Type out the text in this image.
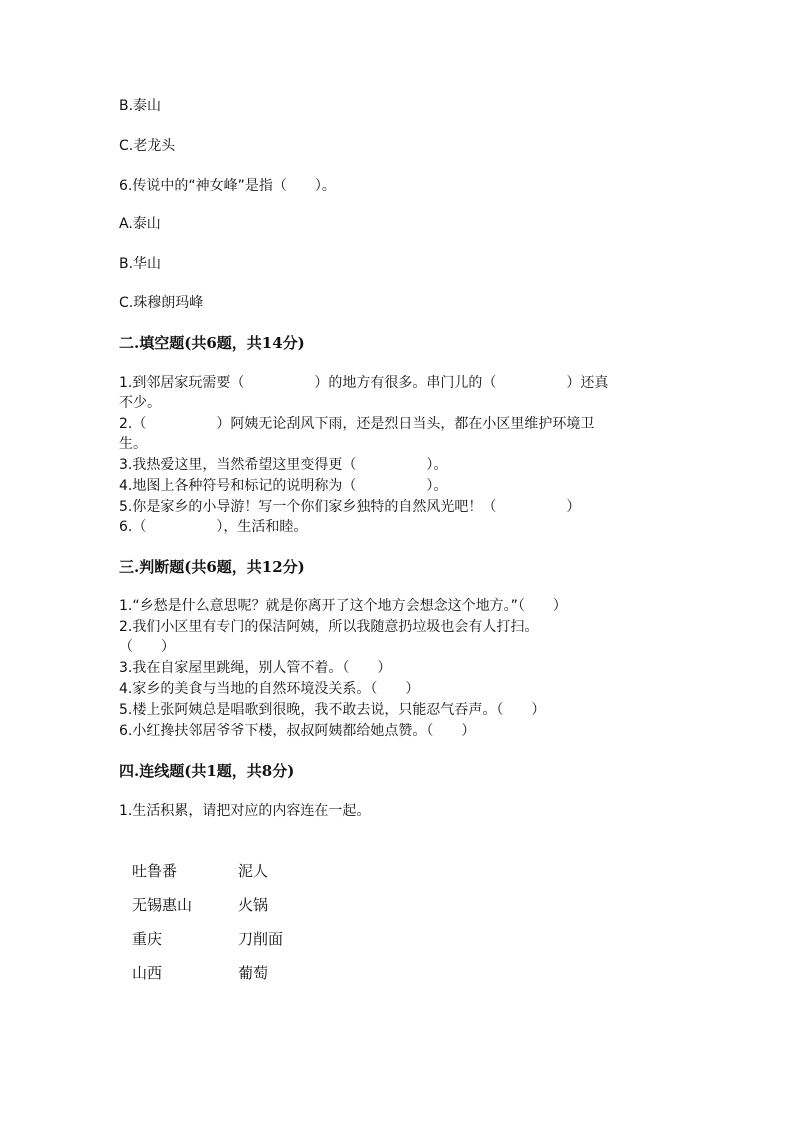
B.泰山
C.老龙头
6.传说中的“神女峰”是指（　　）。
A.泰山
B.华山
C.珠穆朗玛峰
二.填空题(共6题，共14分)
1.到邻居家玩需要（　　　　　）的地方有很多。串门儿的（　　　　　）还真
不少。
2.（　　　　　）阿姨无论刮风下雨，还是烈日当头，都在小区里维护环境卫
生。
3.我热爱这里，当然希望这里变得更（　　　　　）。
4.地图上各种符号和标记的说明称为（　　　　　）。
5.你是家乡的小导游！写一个你们家乡独特的自然风光吧！（　　　　　）
6.（　　　　　），生活和睦。
三.判断题(共6题，共12分)
1.“乡愁是什么意思呢？就是你离开了这个地方会想念这个地方。”（　　）
2.我们小区里有专门的保洁阿姨，所以我随意扔垃圾也会有人打扫。
（　　）
3.我在自家屋里跳绳，别人管不着。（　　）
4.家乡的美食与当地的自然环境没关系。（　　）
5.楼上张阿姨总是唱歌到很晚，我不敢去说，只能忍气吞声。（　　）
6.小红搀扶邻居爷爷下楼，叔叔阿姨都给她点赞。（　　）
四.连线题(共1题，共8分)
1.生活积累，请把对应的内容连在一起。
吐鲁番	泥人
无锡惠山	火锅
重庆	刀削面
山西	葡萄
